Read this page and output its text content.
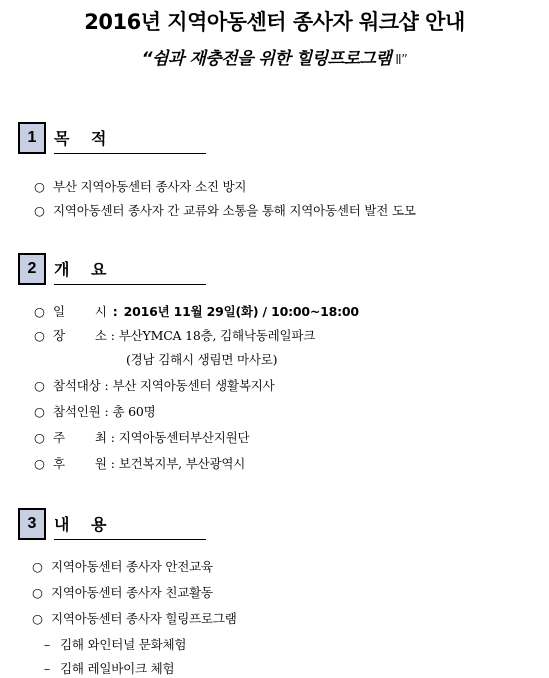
2016년 지역아동센터 종사자 워크샵 안내
“쉼과 재충전을 위한 힐링프로그램 Ⅱ”
1	목 적
○ 부산 지역아동센터 종사자 소진 방지
○ 지역아동센터 종사자 간 교류와 소통을 통해 지역아동센터 발전 도모
2	개 요
○ 일 시 : 2016년 11월 29일(화) / 10:00~18:00
○ 장 소 : 부산YMCA 18층, 김해낙동레일파크
(경남 김해시 생림면 마사로)
○ 참석대상 : 부산 지역아동센터 생활복지사
○ 참석인원 : 총 60명
○ 주 최 : 지역아동센터부산지원단
○ 후 원 : 보건복지부, 부산광역시
3	내 용
○ 지역아동센터 종사자 안전교육
○ 지역아동센터 종사자 친교활동
○ 지역아동센터 종사자 힐링프로그램
– 김해 와인터널 문화체험
– 김해 레일바이크 체험
